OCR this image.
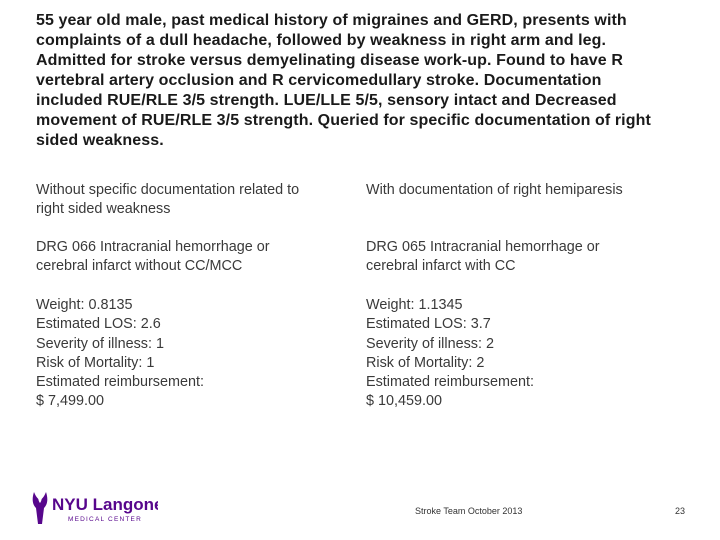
55 year old male, past medical history of migraines and GERD, presents with
complaints of a dull headache, followed by weakness in right arm and leg.
Admitted for stroke versus demyelinating disease work-up. Found to have R
vertebral artery occlusion and R cervicomedullary stroke. Documentation
included RUE/RLE 3/5 strength. LUE/LLE 5/5, sensory intact and Decreased
movement of RUE/RLE 3/5 strength. Queried for specific documentation of right
sided weakness.
Without specific documentation related to
right sided weakness
With documentation of right hemiparesis
DRG 066 Intracranial hemorrhage or
cerebral infarct without CC/MCC
DRG 065 Intracranial hemorrhage or
cerebral infarct with CC
Weight: 0.8135
Estimated LOS: 2.6
Severity of illness: 1
Risk of Mortality: 1
Estimated reimbursement:
$ 7,499.00
Weight: 1.1345
Estimated LOS: 3.7
Severity of illness: 2
Risk of Mortality: 2
Estimated reimbursement:
$ 10,459.00
NYU Langone
MEDICAL CENTER
Stroke Team October 2013	23
